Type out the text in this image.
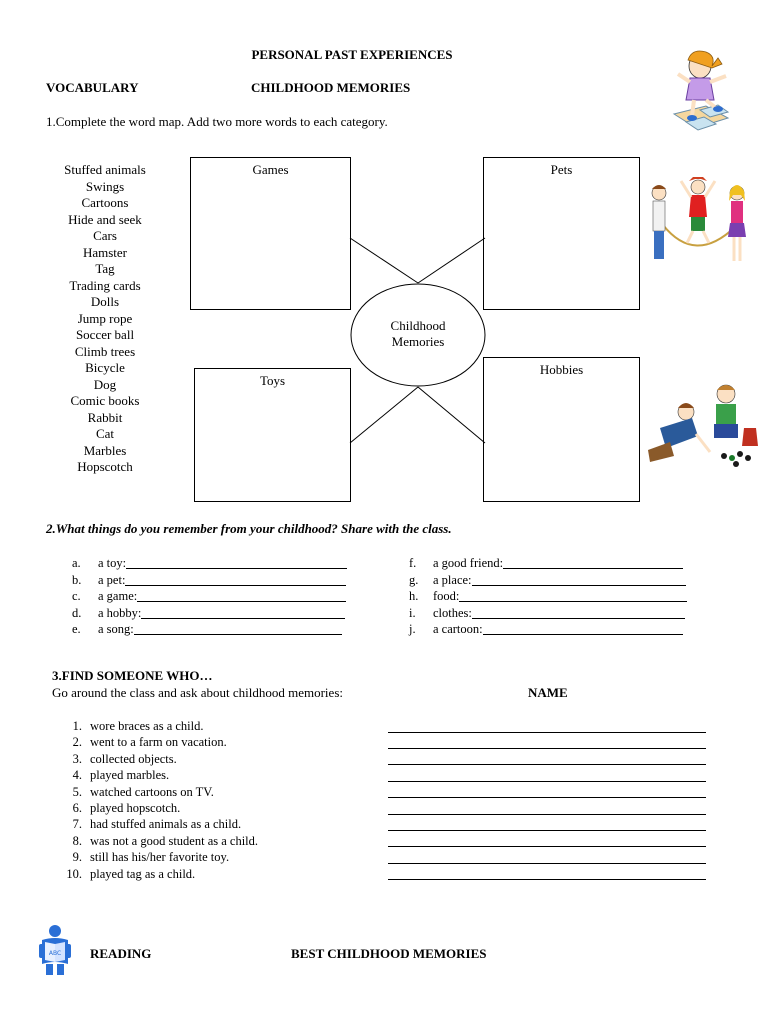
PERSONAL PAST EXPERIENCES
VOCABULARY	CHILDHOOD MEMORIES
1.Complete the word map. Add two more words to each category.
Stuffed animals
Swings
Cartoons
Hide and seek
Cars
Hamster
Tag
Trading cards
Dolls
Jump rope
Soccer ball
Climb trees
Bicycle
Dog
Comic books
Rabbit
Cat
Marbles
Hopscotch
Childhood
Memories
Games	Pets
Toys
Hobbies
2.What things do you remember from your childhood? Share with the class.
a.	a toy:
b.	a pet:
c.	a game:
d.	a hobby:
e.	a song:
f.	a good friend:
g.	a place:
h.	food:
i.	clothes:
j.	a cartoon:
3.FIND SOMEONE WHO…
Go around the class and ask about childhood memories:	NAME
1. wore braces as a child.
2. went to a farm on vacation.
3. collected objects.
4. played marbles.
5. watched cartoons on TV.
6. played hopscotch.
7. had stuffed animals as a child.
8. was not a good student as a child.
9. still has his/her favorite toy.
10. played tag as a child.
ABC READING	BEST CHILDHOOD MEMORIES
